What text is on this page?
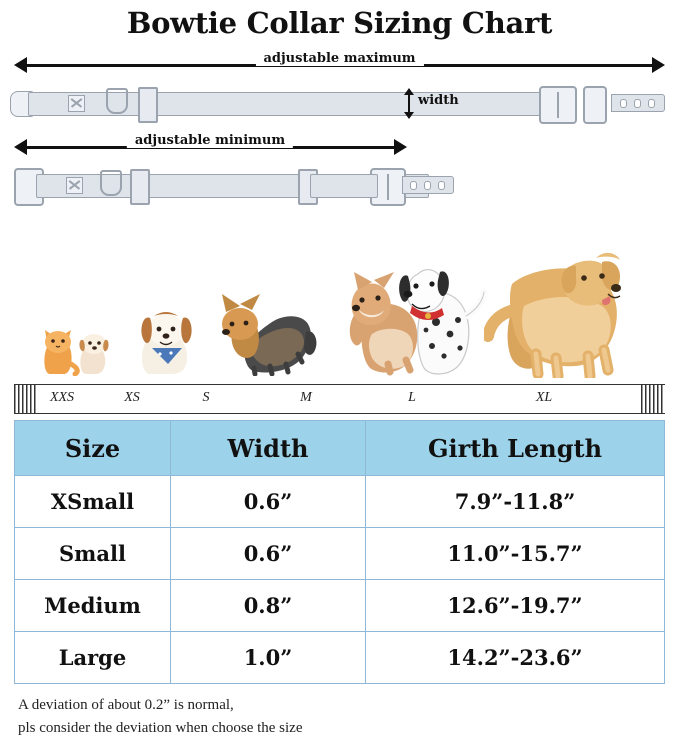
Bowtie Collar Sizing Chart
adjustable maximum
width
adjustable minimum
XXS	XS	S	M	L	XL
Size	Width	Girth Length
XSmall	0.6”	7.9”-11.8”
Small	0.6”	11.0”-15.7”
Medium	0.8”	12.6”-19.7”
Large	1.0”	14.2”-23.6”
A deviation of about 0.2” is normal,
pls consider the deviation when choose the size
